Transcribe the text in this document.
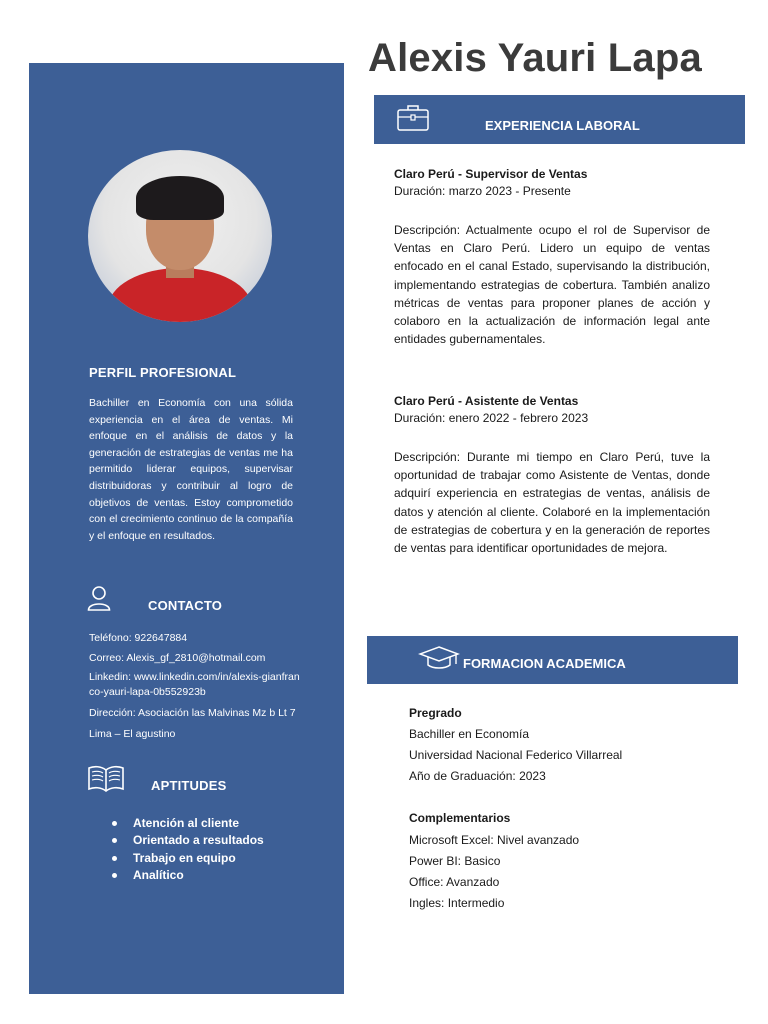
PERFIL PROFESIONAL
Bachiller en Economía con una sólida experiencia en el área de ventas. Mi enfoque en el análisis de datos y la generación de estrategias de ventas me ha permitido liderar equipos, supervisar distribuidoras y contribuir al logro de objetivos de ventas. Estoy comprometido con el crecimiento continuo de la compañía y el enfoque en resultados.
CONTACTO
Teléfono: 922647884
Correo: Alexis_gf_2810@hotmail.com
Linkedin: www.linkedin.com/in/alexis-gianfranco-yauri-lapa-0b552923b
Dirección: Asociación las Malvinas Mz b Lt 7
Lima – El agustino
APTITUDES
Atención al cliente
Orientado a resultados
Trabajo en equipo
Analítico
Alexis Yauri Lapa
EXPERIENCIA LABORAL
Claro Perú - Supervisor de Ventas
Duración: marzo 2023 - Presente
Descripción: Actualmente ocupo el rol de Supervisor de Ventas en Claro Perú. Lidero un equipo de ventas enfocado en el canal Estado, supervisando la distribución, implementando estrategias de cobertura. También analizo métricas de ventas para proponer planes de acción y colaboro en la actualización de información legal ante entidades gubernamentales.
Claro Perú - Asistente de Ventas
Duración: enero 2022 - febrero 2023
Descripción: Durante mi tiempo en Claro Perú, tuve la oportunidad de trabajar como Asistente de Ventas, donde adquirí experiencia en estrategias de ventas, análisis de datos y atención al cliente. Colaboré en la implementación de estrategias de cobertura y en la generación de reportes de ventas para identificar oportunidades de mejora.
FORMACION ACADEMICA
Pregrado
Bachiller en Economía
Universidad Nacional Federico Villarreal
Año de Graduación: 2023
Complementarios
Microsoft Excel: Nivel avanzado
Power BI: Basico
Office: Avanzado
Ingles: Intermedio
